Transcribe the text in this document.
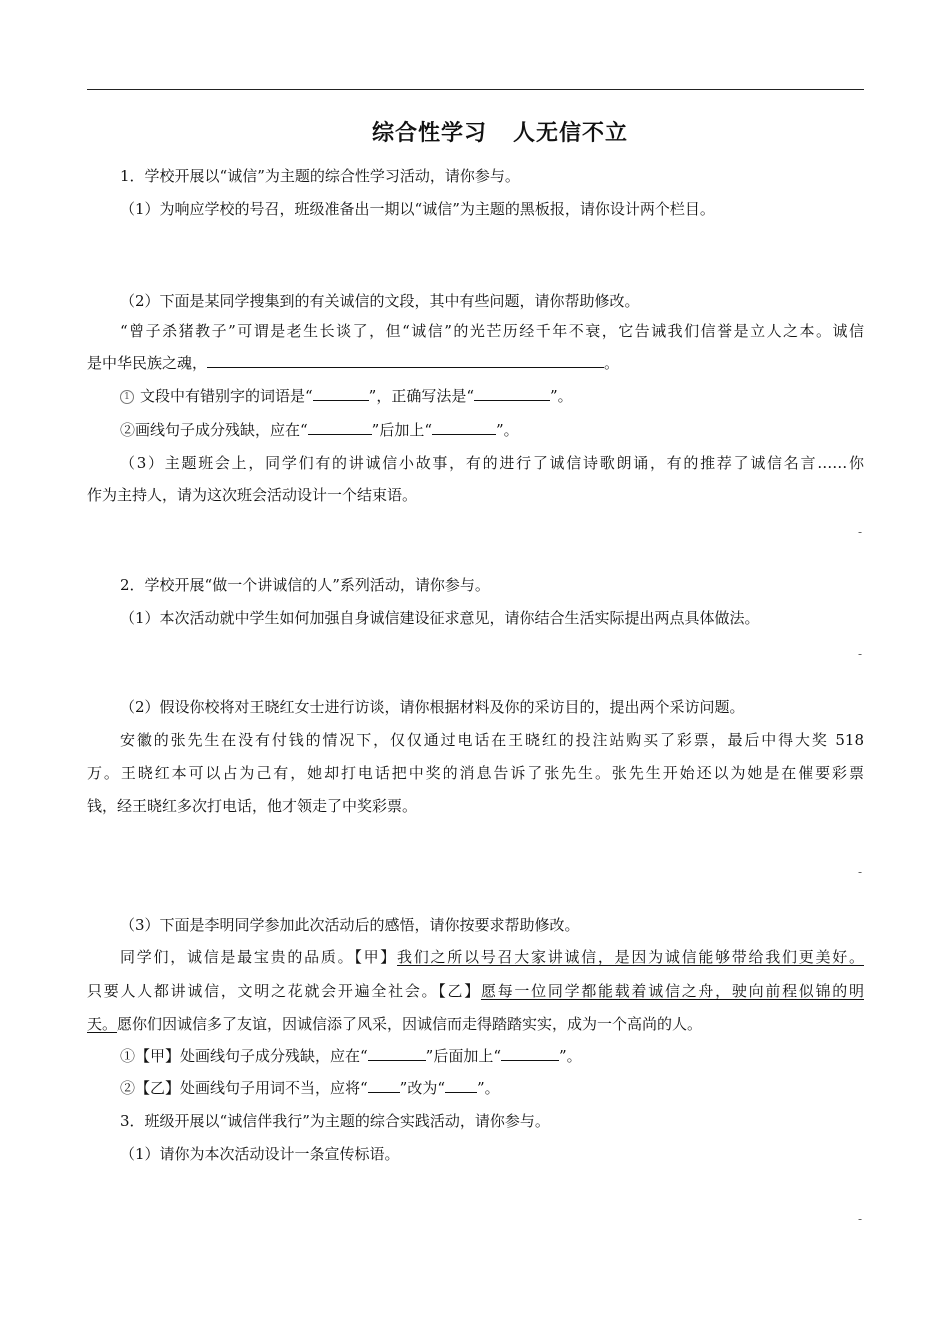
综合性学习 人无信不立
1．学校开展以“诚信”为主题的综合性学习活动，请你参与。
（1）为响应学校的号召，班级准备出一期以“诚信”为主题的黑板报，请你设计两个栏目。
（2）下面是某同学搜集到的有关诚信的文段，其中有些问题，请你帮助修改。
“曾子杀猪教子”可谓是老生长谈了，但“诚信”的光芒历经千年不衰，它告诫我们信誉是立人之本。诚信
是中华民族之魂，	。
1 文段中有错别字的词语是“	”，正确写法是“	”。
②画线句子成分残缺，应在“	”后加上“	”。
（3）主题班会上，同学们有的讲诚信小故事，有的进行了诚信诗歌朗诵，有的推荐了诚信名言……你
作为主持人，请为这次班会活动设计一个结束语。
-
2．学校开展“做一个讲诚信的人”系列活动，请你参与。
（1）本次活动就中学生如何加强自身诚信建设征求意见，请你结合生活实际提出两点具体做法。
-
（2）假设你校将对王晓红女士进行访谈，请你根据材料及你的采访目的，提出两个采访问题。
安徽的张先生在没有付钱的情况下，仅仅通过电话在王晓红的投注站购买了彩票，最后中得大奖 518
万。王晓红本可以占为己有，她却打电话把中奖的消息告诉了张先生。张先生开始还以为她是在催要彩票
钱，经王晓红多次打电话，他才领走了中奖彩票。
-
（3）下面是李明同学参加此次活动后的感悟，请你按要求帮助修改。
同学们，诚信是最宝贵的品质。【甲】我们之所以号召大家讲诚信，是因为诚信能够带给我们更美好。
只要人人都讲诚信，文明之花就会开遍全社会。【乙】愿每一位同学都能载着诚信之舟，驶向前程似锦的明
天。愿你们因诚信多了友谊，因诚信添了风采，因诚信而走得踏踏实实，成为一个高尚的人。
①【甲】处画线句子成分残缺，应在“	”后面加上“	”。
②【乙】处画线句子用词不当，应将“ ”改为“ ”。
3．班级开展以“诚信伴我行”为主题的综合实践活动，请你参与。
（1）请你为本次活动设计一条宣传标语。
-
